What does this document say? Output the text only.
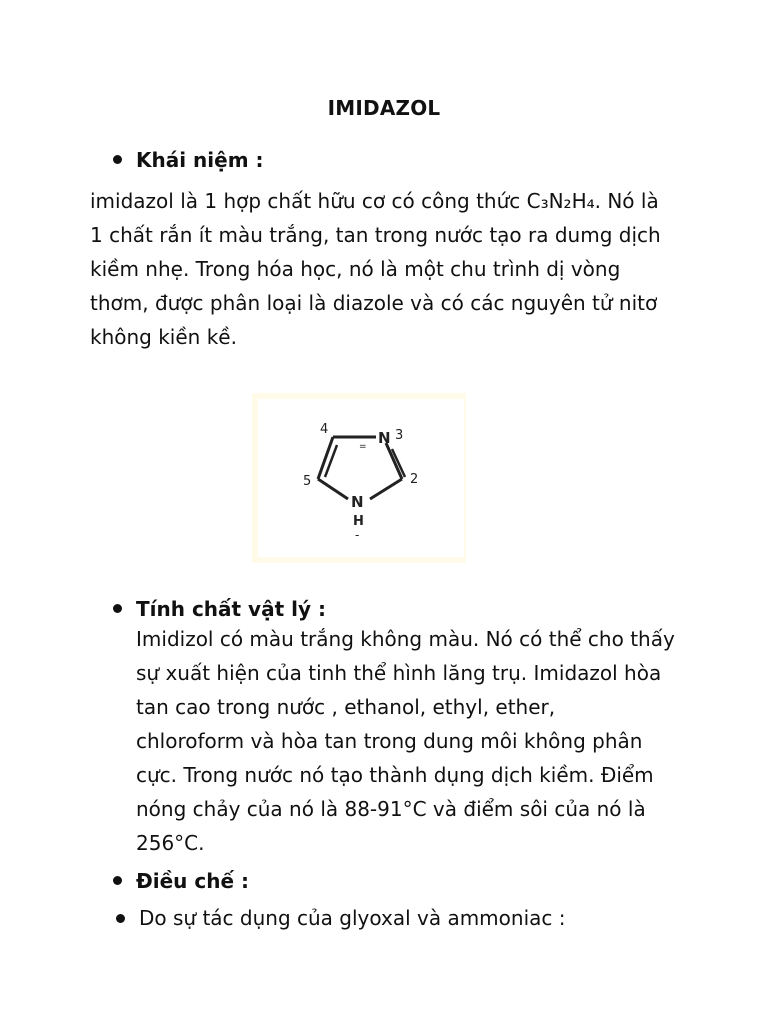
IMIDAZOL
Khái niệm :
imidazol là 1 hợp chất hữu cơ có công thức C₃N₂H₄. Nó là
1 chất rắn ít màu trắng, tan trong nước tạo ra dumg dịch
kiềm nhẹ. Trong hóa học, nó là một chu trình dị vòng
thơm, được phân loại là diazole và có các nguyên tử nitơ
không kiền kề.
N
N
H
-
3
2
4
5
=
Tính chất vật lý :
Imidizol có màu trắng không màu. Nó có thể cho thấy
sự xuất hiện của tinh thể hình lăng trụ. Imidazol hòa
tan cao trong nước , ethanol, ethyl, ether,
chloroform và hòa tan trong dung môi không phân
cực. Trong nước nó tạo thành dụng dịch kiềm. Điểm
nóng chảy của nó là 88-91°C và điểm sôi của nó là
256°C.
Điều chế :
Do sự tác dụng của glyoxal và ammoniac :
